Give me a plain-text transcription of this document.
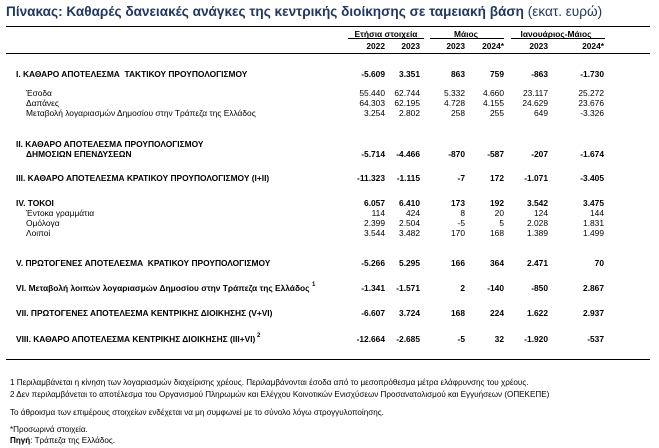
Πίνακας: Καθαρές δανειακές ανάγκες της κεντρικής διοίκησης σε ταμειακή βάση (εκατ. ευρώ)
Ετήσια στοιχεία	Μάιος	Ιανουάριος-Μάιος
2022	2023	2023	2024*	2023	2024*
I. ΚΑΘΑΡΟ ΑΠΟΤΕΛΕΣΜΑ  ΤΑΚΤΙΚΟΥ ΠΡΟΥΠΟΛΟΓΙΣΜΟΥ	-5.609	3.351	863	759	-863	-1.730
Έσοδα	55.440	62.744	5.332	4.660	23.117	25.272
Δαπάνες	64.303	62.195	4.728	4.155	24.629	23.676
Μεταβολή λογαριασμών Δημοσίου στην Τράπεζα της Ελλάδος	3.254	2.802	258	255	649	-3.326
II. ΚΑΘΑΡΟ ΑΠΟΤΕΛΕΣΜΑ ΠΡΟΥΠΟΛΟΓΙΣΜΟΥ
ΔΗΜΟΣΙΩΝ ΕΠΕΝΔΥΣΕΩΝ	-5.714	-4.466	-870	-587	-207	-1.674
III. ΚΑΘΑΡΟ ΑΠΟΤΕΛΕΣΜΑ ΚΡΑΤΙΚΟΥ ΠΡΟΥΠΟΛΟΓΙΣΜΟΥ (I+II)	-11.323	-1.115	-7	172	-1.071	-3.405
IV. ΤΟΚΟΙ	6.057	6.410	173	192	3.542	3.475
Έντοκα γραμμάτια	114	424	8	20	124	144
Ομόλογα	2.399	2.504	-5	5	2.028	1.831
Λοιποί	3.544	3.482	170	168	1.389	1.499
V. ΠΡΩΤΟΓΕΝΕΣ ΑΠΟΤΕΛΕΣΜΑ  ΚΡΑΤΙΚΟΥ ΠΡΟΥΠΟΛΟΓΙΣΜΟΥ	-5.266	5.295	166	364	2.471	70
VI. Μεταβολή λοιπών λογαριασμών Δημοσίου στην Τράπεζα της Ελλάδος 1	-1.341	-1.571	2	-140	-850	2.867
VII. ΠΡΩΤΟΓΕΝΕΣ ΑΠΟΤΕΛΕΣΜΑ ΚΕΝΤΡΙΚΗΣ ΔΙΟΙΚΗΣΗΣ (V+VI)	-6.607	3.724	168	224	1.622	2.937
VIII. ΚΑΘΑΡΟ ΑΠΟΤΕΛΕΣΜΑ ΚΕΝΤΡΙΚΗΣ ΔΙΟΙΚΗΣΗΣ (III+VI) 2	-12.664	-2.685	-5	32	-1.920	-537
1 Περιλαμβάνεται η κίνηση των λογαριασμών διαχείρισης χρέους. Περιλαμβάνονται έσοδα από το μεσοπρόθεσμα μέτρα ελάφρυνσης του χρέους.
2 Δεν περιλαμβάνεται το αποτέλεσμα του Οργανισμού Πληρωμών και Ελέγχου Κοινοτικών Ενισχύσεων Προσανατολισμού και Εγγυήσεων (ΟΠΕΚΕΠΕ)
Το άθροισμα των επιμέρους στοιχείων ενδέχεται να μη συμφωνεί με το σύνολο λόγω στρογγυλοποίησης.
*Προσωρινά στοιχεία.
Πηγή: Τράπεζα της Ελλάδος.
